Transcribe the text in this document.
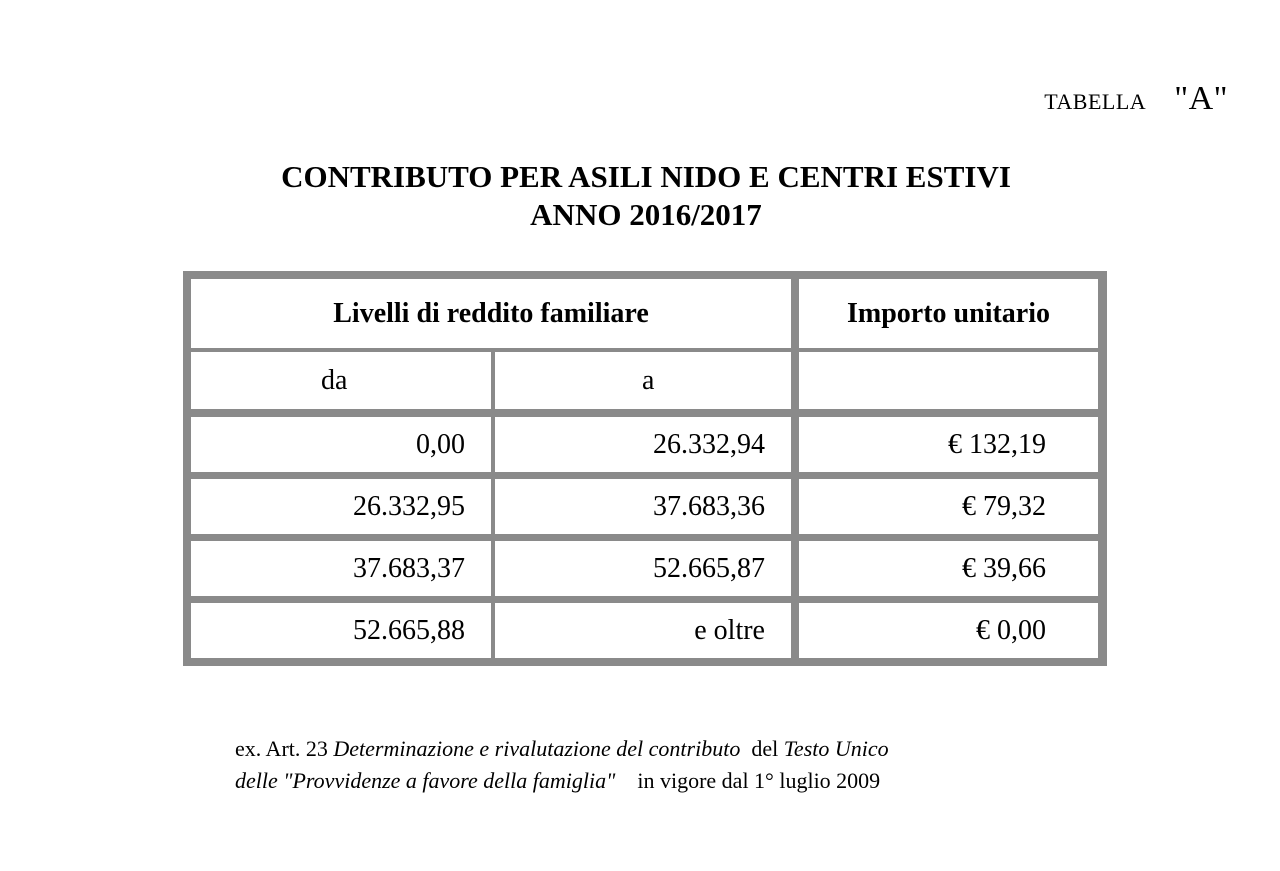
TABELLA "A"
CONTRIBUTO PER ASILI NIDO E CENTRI ESTIVI
ANNO 2016/2017
Livelli di reddito familiare	Importo unitario
da	a
0,00	26.332,94	€ 132,19
26.332,95	37.683,36	€ 79,32
37.683,37	52.665,87	€ 39,66
52.665,88	e oltre	€ 0,00
ex. Art. 23 Determinazione e rivalutazione del contributo  del Testo Unico
delle "Provvidenze a favore della famiglia"    in vigore dal 1° luglio 2009
